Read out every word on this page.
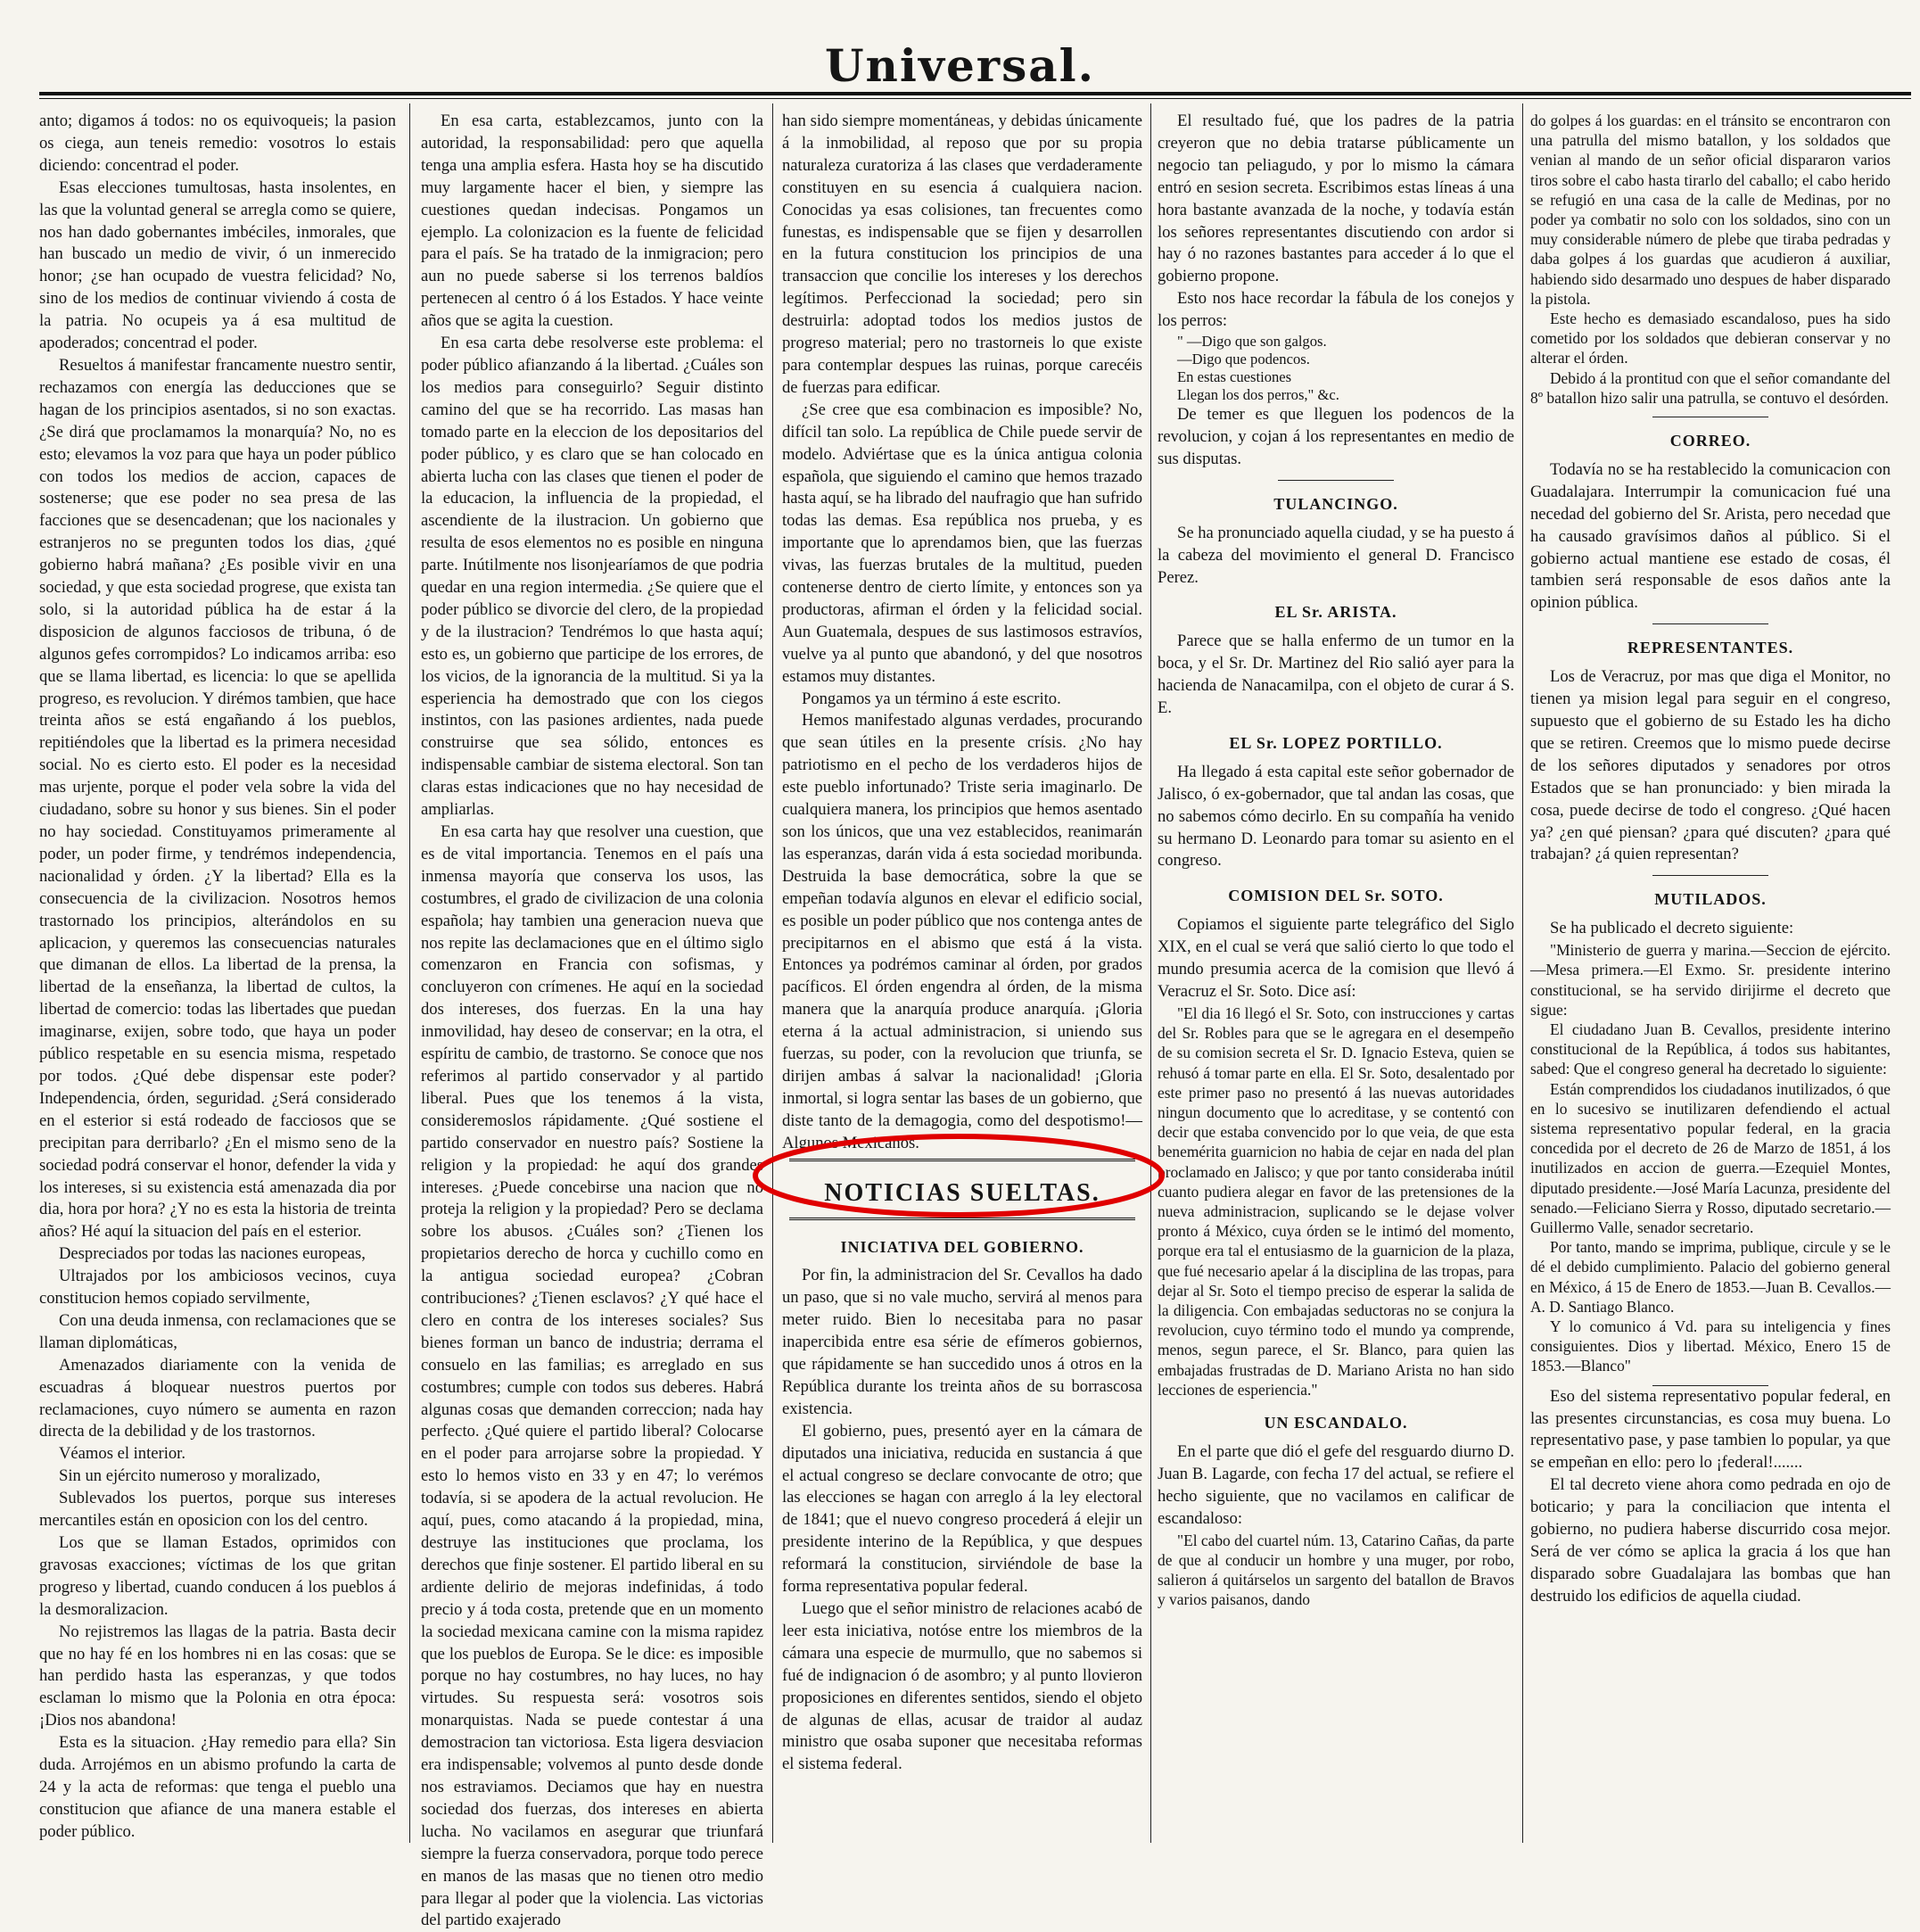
Universal.

anto; digamos á todos: no os equivoqueis; la pasion os ciega, aun teneis remedio: vosotros lo estais diciendo: concentrad el poder.

Esas elecciones tumultosas, hasta insolentes, en las que la voluntad general se arregla como se quiere, nos han dado gobernantes imbéciles, inmorales, que han buscado un medio de vivir, ó un inmerecido honor; ¿se han ocupado de vuestra felicidad? No, sino de los medios de continuar viviendo á costa de la patria. No ocupeis ya á esa multitud de apoderados; concentrad el poder.

Resueltos á manifestar francamente nuestro sentir, rechazamos con energía las deducciones que se hagan de los principios asentados, si no son exactas. ¿Se dirá que proclamamos la monarquía? No, no es esto; elevamos la voz para que haya un poder público con todos los medios de accion, capaces de sostenerse; que ese poder no sea presa de las facciones que se desencadenan; que los nacionales y estranjeros no se pregunten todos los dias, ¿qué gobierno habrá mañana? ¿Es posible vivir en una sociedad, y que esta sociedad progrese, que exista tan solo, si la autoridad pública ha de estar á la disposicion de algunos facciosos de tribuna, ó de algunos gefes corrompidos? Lo indicamos arriba: eso que se llama libertad, es licencia: lo que se apellida progreso, es revolucion. Y dirémos tambien, que hace treinta años se está engañando á los pueblos, repitiéndoles que la libertad es la primera necesidad social. No es cierto esto. El poder es la necesidad mas urjente, porque el poder vela sobre la vida del ciudadano, sobre su honor y sus bienes. Sin el poder no hay sociedad. Constituyamos primeramente al poder, un poder firme, y tendrémos independencia, nacionalidad y órden. ¿Y la libertad? Ella es la consecuencia de la civilizacion. Nosotros hemos trastornado los principios, alterándolos en su aplicacion, y queremos las consecuencias naturales que dimanan de ellos. La libertad de la prensa, la libertad de la enseñanza, la libertad de cultos, la libertad de comercio: todas las libertades que puedan imaginarse, exijen, sobre todo, que haya un poder público respetable en su esencia misma, respetado por todos. ¿Qué debe dispensar este poder? Independencia, órden, seguridad. ¿Será considerado en el esterior si está rodeado de facciosos que se precipitan para derribarlo? ¿En el mismo seno de la sociedad podrá conservar el honor, defender la vida y los intereses, si su existencia está amenazada dia por dia, hora por hora? ¿Y no es esta la historia de treinta años? Hé aquí la situacion del país en el esterior.

Despreciados por todas las naciones europeas,

Ultrajados por los ambiciosos vecinos, cuya constitucion hemos copiado servilmente,

Con una deuda inmensa, con reclamaciones que se llaman diplomáticas,

Amenazados diariamente con la venida de escuadras á bloquear nuestros puertos por reclamaciones, cuyo número se aumenta en razon directa de la debilidad y de los trastornos.

Véamos el interior.

Sin un ejército numeroso y moralizado,

Sublevados los puertos, porque sus intereses mercantiles están en oposicion con los del centro.

Los que se llaman Estados, oprimidos con gravosas exacciones; víctimas de los que gritan progreso y libertad, cuando conducen á los pueblos á la desmoralizacion.

No rejistremos las llagas de la patria. Basta decir que no hay fé en los hombres ni en las cosas: que se han perdido hasta las esperanzas, y que todos esclaman lo mismo que la Polonia en otra época: ¡Dios nos abandona!

Esta es la situacion. ¿Hay remedio para ella? Sin duda. Arrojémos en un abismo profundo la carta de 24 y la acta de reformas: que tenga el pueblo una constitucion que afiance de una manera estable el poder público.

En esa carta, establezcamos, junto con la autoridad, la responsabilidad: pero que aquella tenga una amplia esfera. Hasta hoy se ha discutido muy largamente hacer el bien, y siempre las cuestiones quedan indecisas. Pongamos un ejemplo. La colonizacion es la fuente de felicidad para el país. Se ha tratado de la inmigracion; pero aun no puede saberse si los terrenos baldíos pertenecen al centro ó á los Estados. Y hace veinte años que se agita la cuestion.

En esa carta debe resolverse este problema: el poder público afianzando á la libertad. ¿Cuáles son los medios para conseguirlo? Seguir distinto camino del que se ha recorrido. Las masas han tomado parte en la eleccion de los depositarios del poder público, y es claro que se han colocado en abierta lucha con las clases que tienen el poder de la educacion, la influencia de la propiedad, el ascendiente de la ilustracion. Un gobierno que resulta de esos elementos no es posible en ninguna parte. Inútilmente nos lisonjearíamos de que podria quedar en una region intermedia. ¿Se quiere que el poder público se divorcie del clero, de la propiedad y de la ilustracion? Tendrémos lo que hasta aquí; esto es, un gobierno que participe de los errores, de los vicios, de la ignorancia de la multitud. Si ya la esperiencia ha demostrado que con los ciegos instintos, con las pasiones ardientes, nada puede construirse que sea sólido, entonces es indispensable cambiar de sistema electoral. Son tan claras estas indicaciones que no hay necesidad de ampliarlas.

En esa carta hay que resolver una cuestion, que es de vital importancia. Tenemos en el país una inmensa mayoría que conserva los usos, las costumbres, el grado de civilizacion de una colonia española; hay tambien una generacion nueva que nos repite las declamaciones que en el último siglo comenzaron en Francia con sofismas, y concluyeron con crímenes. He aquí en la sociedad dos intereses, dos fuerzas. En la una hay inmovilidad, hay deseo de conservar; en la otra, el espíritu de cambio, de trastorno. Se conoce que nos referimos al partido conservador y al partido liberal. Pues que los tenemos á la vista, consideremoslos rápidamente. ¿Qué sostiene el partido conservador en nuestro país? Sostiene la religion y la propiedad: he aquí dos grandes intereses. ¿Puede concebirse una nacion que no proteja la religion y la propiedad? Pero se declama sobre los abusos. ¿Cuáles son? ¿Tienen los propietarios derecho de horca y cuchillo como en la antigua sociedad europea? ¿Cobran contribuciones? ¿Tienen esclavos? ¿Y qué hace el clero en contra de los intereses sociales? Sus bienes forman un banco de industria; derrama el consuelo en las familias; es arreglado en sus costumbres; cumple con todos sus deberes. Habrá algunas cosas que demanden correccion; nada hay perfecto. ¿Qué quiere el partido liberal? Colocarse en el poder para arrojarse sobre la propiedad. Y esto lo hemos visto en 33 y en 47; lo verémos todavía, si se apodera de la actual revolucion. He aquí, pues, como atacando á la propiedad, mina, destruye las instituciones que proclama, los derechos que finje sostener. El partido liberal en su ardiente delirio de mejoras indefinidas, á todo precio y á toda costa, pretende que en un momento la sociedad mexicana camine con la misma rapidez que los pueblos de Europa. Se le dice: es imposible porque no hay costumbres, no hay luces, no hay virtudes. Su respuesta será: vosotros sois monarquistas. Nada se puede contestar á una demostracion tan victoriosa. Esta ligera desviacion era indispensable; volvemos al punto desde donde nos estraviamos. Deciamos que hay en nuestra sociedad dos fuerzas, dos intereses en abierta lucha. No vacilamos en asegurar que triunfará siempre la fuerza conservadora, porque todo perece en manos de las masas que no tienen otro medio para llegar al poder que la violencia. Las victorias del partido exajerado

han sido siempre momentáneas, y debidas únicamente á la inmobilidad, al reposo que por su propia naturaleza curatoriza á las clases que verdaderamente constituyen en su esencia á cualquiera nacion. Conocidas ya esas colisiones, tan frecuentes como funestas, es indispensable que se fijen y desarrollen en la futura constitucion los principios de una transaccion que concilie los intereses y los derechos legítimos. Perfeccionad la sociedad; pero sin destruirla: adoptad todos los medios justos de progreso material; pero no trastorneis lo que existe para contemplar despues las ruinas, porque carecéis de fuerzas para edificar.

¿Se cree que esa combinacion es imposible? No, difícil tan solo. La república de Chile puede servir de modelo. Adviértase que es la única antigua colonia española, que siguiendo el camino que hemos trazado hasta aquí, se ha librado del naufragio que han sufrido todas las demas. Esa república nos prueba, y es importante que lo aprendamos bien, que las fuerzas vivas, las fuerzas brutales de la multitud, pueden contenerse dentro de cierto límite, y entonces son ya productoras, afirman el órden y la felicidad social. Aun Guatemala, despues de sus lastimosos estravíos, vuelve ya al punto que abandonó, y del que nosotros estamos muy distantes.

Pongamos ya un término á este escrito.

Hemos manifestado algunas verdades, procurando que sean útiles en la presente crísis. ¿No hay patriotismo en el pecho de los verdaderos hijos de este pueblo infortunado? Triste seria imaginarlo. De cualquiera manera, los principios que hemos asentado son los únicos, que una vez establecidos, reanimarán las esperanzas, darán vida á esta sociedad moribunda. Destruida la base democrática, sobre la que se empeñan todavía algunos en elevar el edificio social, es posible un poder público que nos contenga antes de precipitarnos en el abismo que está á la vista. Entonces ya podrémos caminar al órden, por grados pacíficos. El órden engendra al órden, de la misma manera que la anarquía produce anarquía. ¡Gloria eterna á la actual administracion, si uniendo sus fuerzas, su poder, con la revolucion que triunfa, se dirijen ambas á salvar la nacionalidad! ¡Gloria inmortal, si logra sentar las bases de un gobierno, que diste tanto de la demagogia, como del despotismo!—Algunos Mexicanos.

NOTICIAS SUELTAS.
INICIATIVA DEL GOBIERNO.

Por fin, la administracion del Sr. Cevallos ha dado un paso, que si no vale mucho, servirá al menos para meter ruido. Bien lo necesitaba para no pasar inapercibida entre esa série de efímeros gobiernos, que rápidamente se han succedido unos á otros en la República durante los treinta años de su borrascosa existencia.

El gobierno, pues, presentó ayer en la cámara de diputados una iniciativa, reducida en sustancia á que el actual congreso se declare convocante de otro; que las elecciones se hagan con arreglo á la ley electoral de 1841; que el nuevo congreso procederá á elejir un presidente interino de la República, y que despues reformará la constitucion, sirviéndole de base la forma representativa popular federal.

Luego que el señor ministro de relaciones acabó de leer esta iniciativa, notóse entre los miembros de la cámara una especie de murmullo, que no sabemos si fué de indignacion ó de asombro; y al punto llovieron proposiciones en diferentes sentidos, siendo el objeto de algunas de ellas, acusar de traidor al audaz ministro que osaba suponer que necesitaba reformas el sistema federal.

El resultado fué, que los padres de la patria creyeron que no debia tratarse públicamente un negocio tan peliagudo, y por lo mismo la cámara entró en sesion secreta. Escribimos estas líneas á una hora bastante avanzada de la noche, y todavía están los señores representantes discutiendo con ardor si hay ó no razones bastantes para acceder á lo que el gobierno propone.

Esto nos hace recordar la fábula de los conejos y los perros:

" —Digo que son galgos.

—Digo que podencos.

En estas cuestiones

Llegan los dos perros," &c.

De temer es que lleguen los podencos de la revolucion, y cojan á los representantes en medio de sus disputas.

TULANCINGO.

Se ha pronunciado aquella ciudad, y se ha puesto á la cabeza del movimiento el general D. Francisco Perez.

EL Sr. ARISTA.

Parece que se halla enfermo de un tumor en la boca, y el Sr. Dr. Martinez del Rio salió ayer para la hacienda de Nanacamilpa, con el objeto de curar á S. E.

EL Sr. LOPEZ PORTILLO.

Ha llegado á esta capital este señor gobernador de Jalisco, ó ex-gobernador, que tal andan las cosas, que no sabemos cómo decirlo. En su compañía ha venido su hermano D. Leonardo para tomar su asiento en el congreso.

COMISION DEL Sr. SOTO.

Copiamos el siguiente parte telegráfico del Siglo XIX, en el cual se verá que salió cierto lo que todo el mundo presumia acerca de la comision que llevó á Veracruz el Sr. Soto. Dice así:

"El dia 16 llegó el Sr. Soto, con instrucciones y cartas del Sr. Robles para que se le agregara en el desempeño de su comision secreta el Sr. D. Ignacio Esteva, quien se rehusó á tomar parte en ella. El Sr. Soto, desalentado por este primer paso no presentó á las nuevas autoridades ningun documento que lo acreditase, y se contentó con decir que estaba convencido por lo que veia, de que esta benemérita guarnicion no habia de cejar en nada del plan proclamado en Jalisco; y que por tanto consideraba inútil cuanto pudiera alegar en favor de las pretensiones de la nueva administracion, suplicando se le dejase volver pronto á México, cuya órden se le intimó del momento, porque era tal el entusiasmo de la guarnicion de la plaza, que fué necesario apelar á la disciplina de las tropas, para dejar al Sr. Soto el tiempo preciso de esperar la salida de la diligencia. Con embajadas seductoras no se conjura la revolucion, cuyo término todo el mundo ya comprende, menos, segun parece, el Sr. Blanco, para quien las embajadas frustradas de D. Mariano Arista no han sido lecciones de esperiencia."

UN ESCANDALO.

En el parte que dió el gefe del resguardo diurno D. Juan B. Lagarde, con fecha 17 del actual, se refiere el hecho siguiente, que no vacilamos en calificar de escandaloso:

"El cabo del cuartel núm. 13, Catarino Cañas, da parte de que al conducir un hombre y una muger, por robo, salieron á quitárselos un sargento del batallon de Bravos y varios paisanos, dando

do golpes á los guardas: en el tránsito se encontraron con una patrulla del mismo batallon, y los soldados que venian al mando de un señor oficial dispararon varios tiros sobre el cabo hasta tirarlo del caballo; el cabo herido se refugió en una casa de la calle de Medinas, por no poder ya combatir no solo con los soldados, sino con un muy considerable número de plebe que tiraba pedradas y daba golpes á los guardas que acudieron á auxiliar, habiendo sido desarmado uno despues de haber disparado la pistola.

Este hecho es demasiado escandaloso, pues ha sido cometido por los soldados que debieran conservar y no alterar el órden.

Debido á la prontitud con que el señor comandante del 8º batallon hizo salir una patrulla, se contuvo el desórden.

CORREO.

Todavía no se ha restablecido la comunicacion con Guadalajara. Interrumpir la comunicacion fué una necedad del gobierno del Sr. Arista, pero necedad que ha causado gravísimos daños al público. Si el gobierno actual mantiene ese estado de cosas, él tambien será responsable de esos daños ante la opinion pública.

REPRESENTANTES.

Los de Veracruz, por mas que diga el Monitor, no tienen ya mision legal para seguir en el congreso, supuesto que el gobierno de su Estado les ha dicho que se retiren. Creemos que lo mismo puede decirse de los señores diputados y senadores por otros Estados que se han pronunciado: y bien mirada la cosa, puede decirse de todo el congreso. ¿Qué hacen ya? ¿en qué piensan? ¿para qué discuten? ¿para qué trabajan? ¿á quien representan?

MUTILADOS.

Se ha publicado el decreto siguiente:

"Ministerio de guerra y marina.—Seccion de ejército.—Mesa primera.—El Exmo. Sr. presidente interino constitucional, se ha servido dirijirme el decreto que sigue:

El ciudadano Juan B. Cevallos, presidente interino constitucional de la República, á todos sus habitantes, sabed: Que el congreso general ha decretado lo siguiente:

Están comprendidos los ciudadanos inutilizados, ó que en lo sucesivo se inutilizaren defendiendo el actual sistema representativo popular federal, en la gracia concedida por el decreto de 26 de Marzo de 1851, á los inutilizados en accion de guerra.—Ezequiel Montes, diputado presidente.—José María Lacunza, presidente del senado.—Feliciano Sierra y Rosso, diputado secretario.—Guillermo Valle, senador secretario.

Por tanto, mando se imprima, publique, circule y se le dé el debido cumplimiento. Palacio del gobierno general en México, á 15 de Enero de 1853.—Juan B. Cevallos.—A. D. Santiago Blanco.

Y lo comunico á Vd. para su inteligencia y fines consiguientes. Dios y libertad. México, Enero 15 de 1853.—Blanco"

Eso del sistema representativo popular federal, en las presentes circunstancias, es cosa muy buena. Lo representativo pase, y pase tambien lo popular, ya que se empeñan en ello: pero lo ¡federal!.......

El tal decreto viene ahora como pedrada en ojo de boticario; y para la conciliacion que intenta el gobierno, no pudiera haberse discurrido cosa mejor. Será de ver cómo se aplica la gracia á los que han disparado sobre Guadalajara las bombas que han destruido los edificios de aquella ciudad.
